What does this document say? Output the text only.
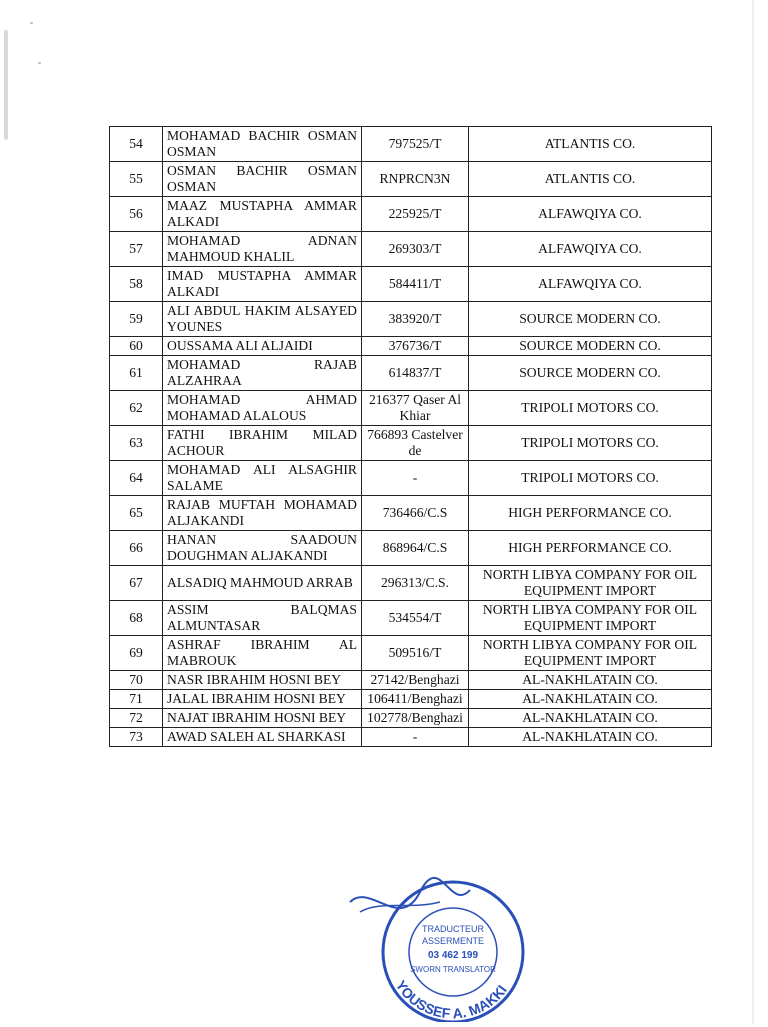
54	MOHAMAD BACHIR OSMAN OSMAN	797525/T	ATLANTIS CO.
55	OSMAN BACHIR OSMAN OSMAN	RNPRCN3N	ATLANTIS CO.
56	MAAZ MUSTAPHA AMMAR ALKADI	225925/T	ALFAWQIYA CO.
57	MOHAMAD ADNAN MAHMOUD KHALIL	269303/T	ALFAWQIYA CO.
58	IMAD MUSTAPHA AMMAR ALKADI	584411/T	ALFAWQIYA CO.
59	ALI ABDUL HAKIM ALSAYED YOUNES	383920/T	SOURCE MODERN CO.
60	OUSSAMA ALI ALJAIDI	376736/T	SOURCE MODERN CO.
61	MOHAMAD RAJAB ALZAHRAA	614837/T	SOURCE MODERN CO.
62	MOHAMAD AHMAD MOHAMAD ALALOUS	216377 Qaser Al Khiar	TRIPOLI MOTORS CO.
63	FATHI IBRAHIM MILAD ACHOUR	766893 Castelverde	TRIPOLI MOTORS CO.
64	MOHAMAD ALI ALSAGHIR SALAME	-	TRIPOLI MOTORS CO.
65	RAJAB MUFTAH MOHAMAD ALJAKANDI	736466/C.S	HIGH PERFORMANCE CO.
66	HANAN SAADOUN DOUGHMAN ALJAKANDI	868964/C.S	HIGH PERFORMANCE CO.
67	ALSADIQ MAHMOUD ARRAB	296313/C.S.	NORTH LIBYA COMPANY FOR OIL EQUIPMENT IMPORT
68	ASSIM BALQMAS ALMUNTASAR	534554/T	NORTH LIBYA COMPANY FOR OIL EQUIPMENT IMPORT
69	ASHRAF IBRAHIM AL MABROUK	509516/T	NORTH LIBYA COMPANY FOR OIL EQUIPMENT IMPORT
70	NASR IBRAHIM HOSNI BEY	27142/Benghazi	AL-NAKHLATAIN CO.
71	JALAL IBRAHIM HOSNI BEY	106411/Benghazi	AL-NAKHLATAIN CO.
72	NAJAT IBRAHIM HOSNI BEY	102778/Benghazi	AL-NAKHLATAIN CO.
73	AWAD SALEH AL SHARKASI	-	AL-NAKHLATAIN CO.
YOUSSEF A. MAKKI
TRADUCTEUR
ASSERMENTE
03 462 199
SWORN TRANSLATOR
